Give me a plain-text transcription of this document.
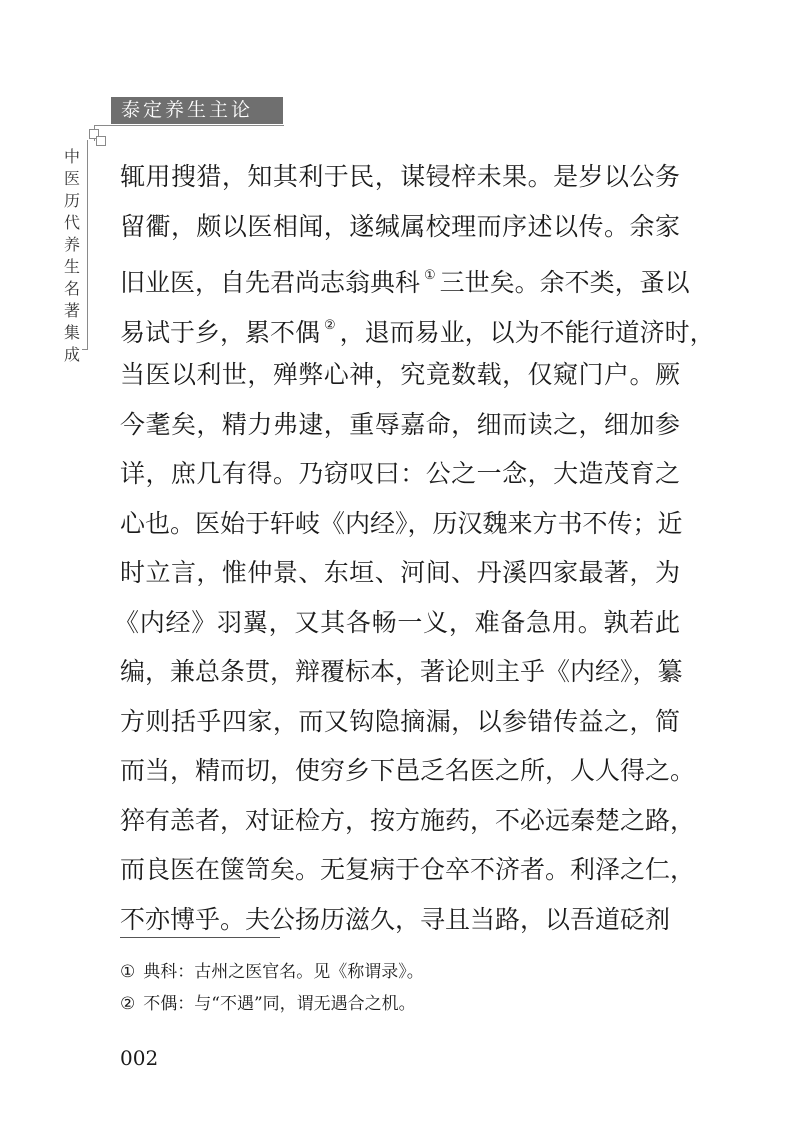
泰定养生主论
中
医
历
代
养
生
名
著
集
成
辄用搜猎，知其利于民，谋锓梓未果。是岁以公务
留衢，颇以医相闻，遂缄属校理而序述以传。余家
旧业医，自先君尚志翁典科 ① 三世矣。余不类，蚤以
易试于乡，累不偶 ② ，退而易业，以为不能行道济时，
当医以利世，殚弊心神，究竟数载，仅窥门户。厥
今耄矣，精力弗逮，重辱嘉命，细而读之，细加参
详，庶几有得。乃窃叹曰：公之一念，大造茂育之
心也。医始于轩岐《内经》，历汉魏来方书不传；近
时立言，惟仲景、东垣、河间、丹溪四家最著，为
《内经》羽翼，又其各畅一义，难备急用。孰若此
编，兼总条贯，辩覆标本，著论则主乎《内经》，纂
方则括乎四家，而又钩隐摘漏，以参错传益之，简
而当，精而切，使穷乡下邑乏名医之所，人人得之。
猝有恙者，对证检方，按方施药，不必远秦楚之路，
而良医在箧笥矣。无复病于仓卒不济者。利泽之仁，
不亦博乎。夫公扬历滋久，寻且当路，以吾道砭剂
① 典科：古州之医官名。见《称谓录》。
② 不偶：与“不遇”同，谓无遇合之机。
002
